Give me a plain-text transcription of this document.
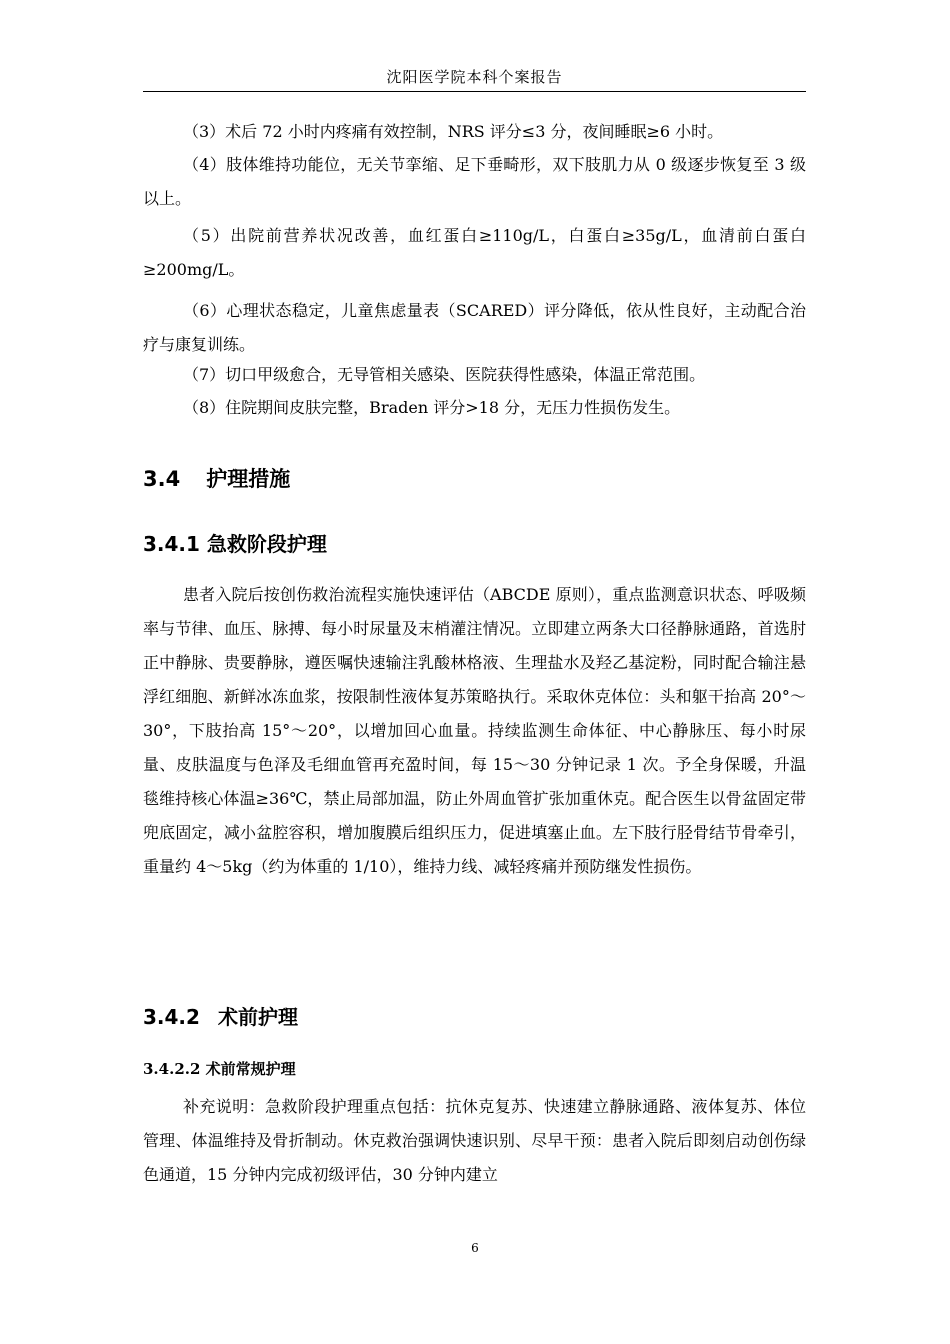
沈阳医学院本科个案报告

（3）术后 72 小时内疼痛有效控制，NRS 评分≤3 分，夜间睡眠≥6 小时。

（4）肢体维持功能位，无关节挛缩、足下垂畸形，双下肢肌力从 0 级逐步恢复至 3 级以上。

（5）出院前营养状况改善，血红蛋白≥110g/L，白蛋白≥35g/L，血清前白蛋白≥200mg/L。

（6）心理状态稳定，儿童焦虑量表（SCARED）评分降低，依从性良好，主动配合治疗与康复训练。

（7）切口甲级愈合，无导管相关感染、医院获得性感染，体温正常范围。

（8）住院期间皮肤完整，Braden 评分>18 分，无压力性损伤发生。

3.4 护理措施
3.4.1 急救阶段护理

患者入院后按创伤救治流程实施快速评估（ABCDE 原则），重点监测意识状态、呼吸频率与节律、血压、脉搏、每小时尿量及末梢灌注情况。立即建立两条大口径静脉通路，首选肘正中静脉、贵要静脉，遵医嘱快速输注乳酸林格液、生理盐水及羟乙基淀粉，同时配合输注悬浮红细胞、新鲜冰冻血浆，按限制性液体复苏策略执行。采取休克体位：头和躯干抬高 20°～30°，下肢抬高 15°～20°，以增加回心血量。持续监测生命体征、中心静脉压、每小时尿量、皮肤温度与色泽及毛细血管再充盈时间，每 15～30 分钟记录 1 次。予全身保暖，升温毯维持核心体温≥36℃，禁止局部加温，防止外周血管扩张加重休克。配合医生以骨盆固定带兜底固定，减小盆腔容积，增加腹膜后组织压力，促进填塞止血。左下肢行胫骨结节骨牵引，重量约 4～5kg（约为体重的 1/10），维持力线、减轻疼痛并预防继发性损伤。

3.4.2 术前护理
3.4.2.2 术前常规护理

补充说明：急救阶段护理重点包括：抗休克复苏、快速建立静脉通路、液体复苏、体位管理、体温维持及骨折制动。休克救治强调快速识别、尽早干预：患者入院后即刻启动创伤绿色通道，15 分钟内完成初级评估，30 分钟内建立

6
